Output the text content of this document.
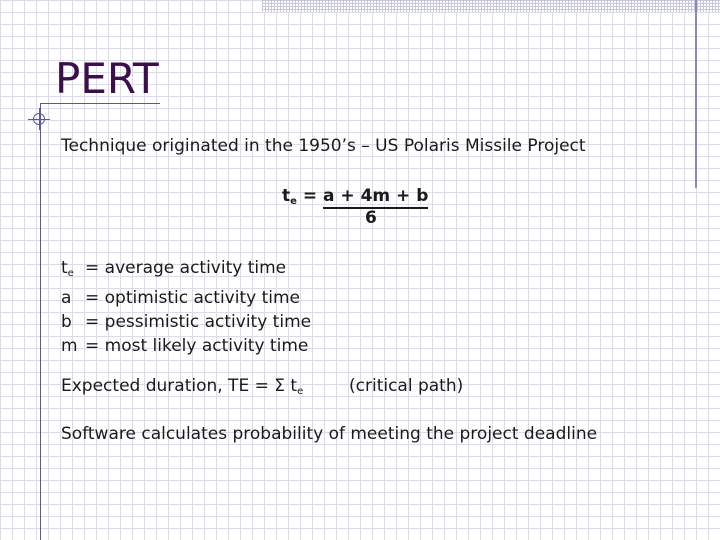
PERT

Technique originated in the 1950’s – US Polaris Missile Project

$t_e = a + 4m + b$
6
$t_e$ = average activity time
a = optimistic activity time
b = pessimistic activity time
m = most likely activity time

Expected duration, TE = Σ $t_e$	(critical path)

Software calculates probability of meeting the project deadline
